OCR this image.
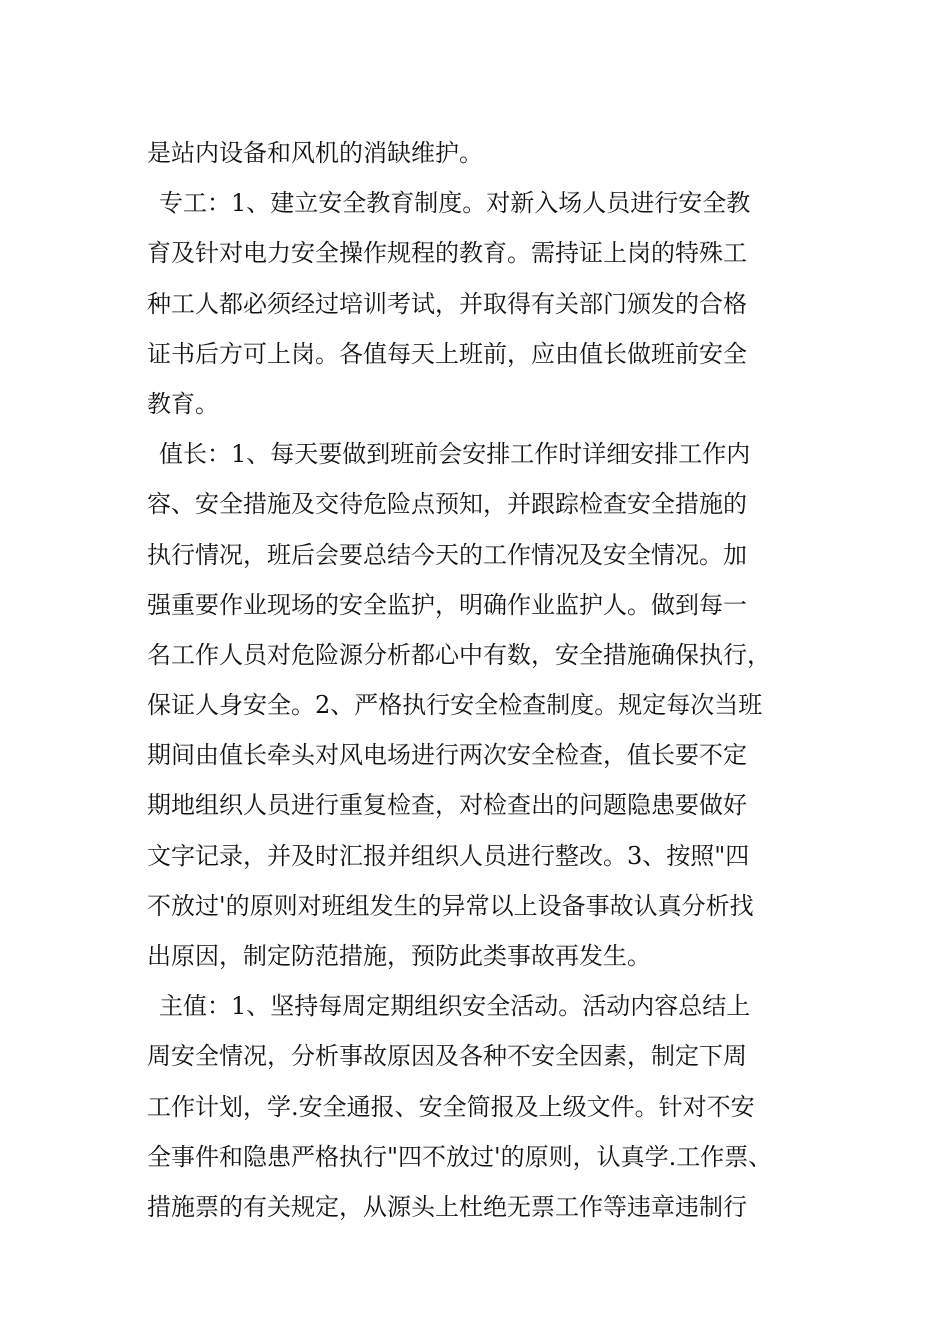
是站内设备和风机的消缺维护。
专工：1、建立安全教育制度。对新入场人员进行安全教
育及针对电力安全操作规程的教育。需持证上岗的特殊工
种工人都必须经过培训考试，并取得有关部门颁发的合格
证书后方可上岗。各值每天上班前，应由值长做班前安全
教育。
值长：1、每天要做到班前会安排工作时详细安排工作内
容、安全措施及交待危险点预知，并跟踪检查安全措施的
执行情况，班后会要总结今天的工作情况及安全情况。加
强重要作业现场的安全监护，明确作业监护人。做到每一
名工作人员对危险源分析都心中有数，安全措施确保执行，
保证人身安全。2、严格执行安全检查制度。规定每次当班
期间由值长牵头对风电场进行两次安全检查，值长要不定
期地组织人员进行重复检查，对检查出的问题隐患要做好
文字记录，并及时汇报并组织人员进行整改。3、按照"四
不放过'的原则对班组发生的异常以上设备事故认真分析找
出原因，制定防范措施，预防此类事故再发生。
主值：1、坚持每周定期组织安全活动。活动内容总结上
周安全情况，分析事故原因及各种不安全因素，制定下周
工作计划，学.安全通报、安全简报及上级文件。针对不安
全事件和隐患严格执行"四不放过'的原则，认真学.工作票、
措施票的有关规定，从源头上杜绝无票工作等违章违制行
